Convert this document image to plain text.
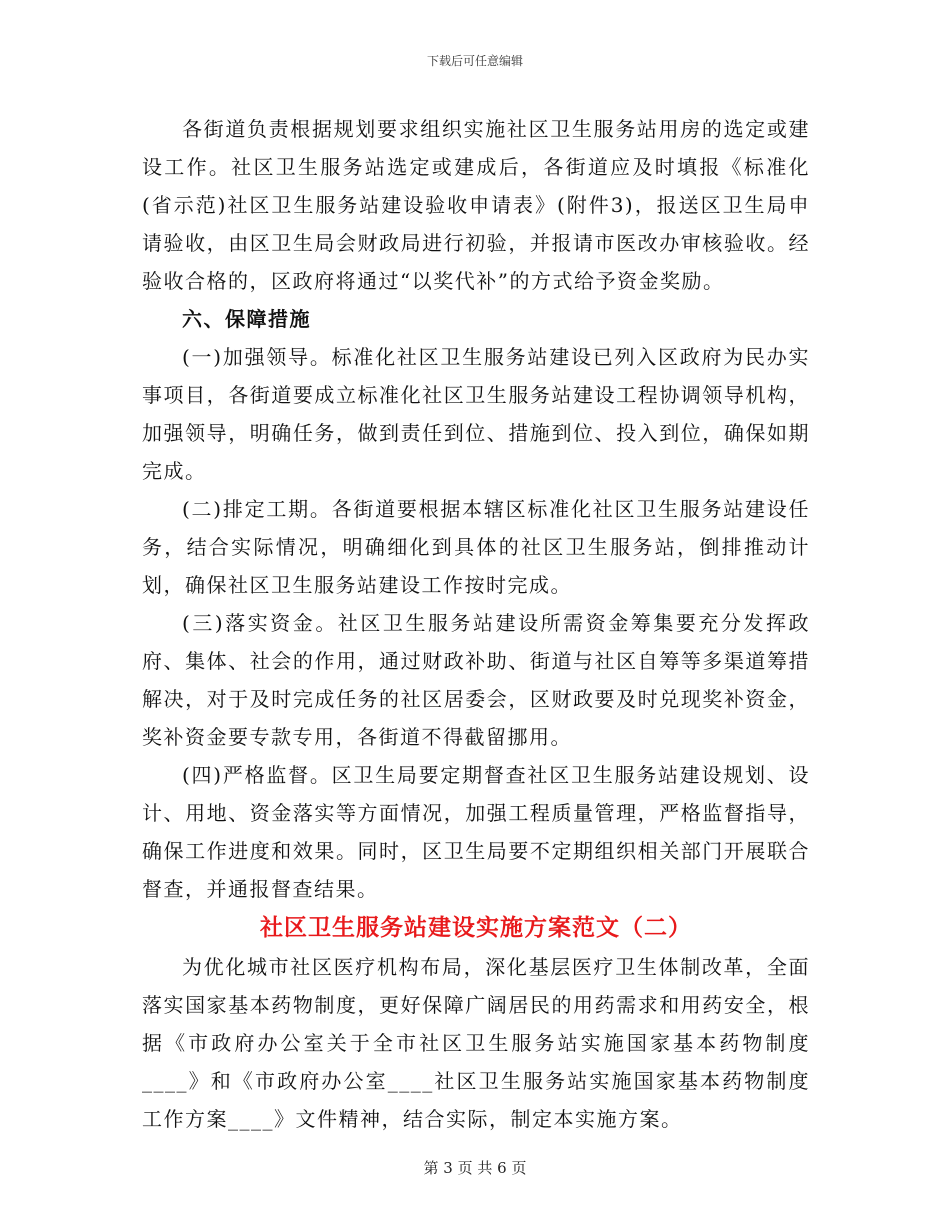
下载后可任意编辑

各街道负责根据规划要求组织实施社区卫生服务站用房的选定或建设工作。社区卫生服务站选定或建成后，各街道应及时填报《标准化(省示范)社区卫生服务站建设验收申请表》(附件3)，报送区卫生局申请验收，由区卫生局会财政局进行初验，并报请市医改办审核验收。经验收合格的，区政府将通过“以奖代补”的方式给予资金奖励。

六、保障措施

(一)加强领导。标准化社区卫生服务站建设已列入区政府为民办实事项目，各街道要成立标准化社区卫生服务站建设工程协调领导机构，加强领导，明确任务，做到责任到位、措施到位、投入到位，确保如期完成。

(二)排定工期。各街道要根据本辖区标准化社区卫生服务站建设任务，结合实际情况，明确细化到具体的社区卫生服务站，倒排推动计划，确保社区卫生服务站建设工作按时完成。

(三)落实资金。社区卫生服务站建设所需资金筹集要充分发挥政府、集体、社会的作用，通过财政补助、街道与社区自筹等多渠道筹措解决，对于及时完成任务的社区居委会，区财政要及时兑现奖补资金，奖补资金要专款专用，各街道不得截留挪用。

(四)严格监督。区卫生局要定期督查社区卫生服务站建设规划、设计、用地、资金落实等方面情况，加强工程质量管理，严格监督指导，确保工作进度和效果。同时，区卫生局要不定期组织相关部门开展联合督查，并通报督查结果。

社区卫生服务站建设实施方案范文（二）

为优化城市社区医疗机构布局，深化基层医疗卫生体制改革，全面落实国家基本药物制度，更好保障广阔居民的用药需求和用药安全，根据《市政府办公室关于全市社区卫生服务站实施国家基本药物制度____》和《市政府办公室____社区卫生服务站实施国家基本药物制度工作方案____》文件精神，结合实际，制定本实施方案。

第 3 页 共 6 页
